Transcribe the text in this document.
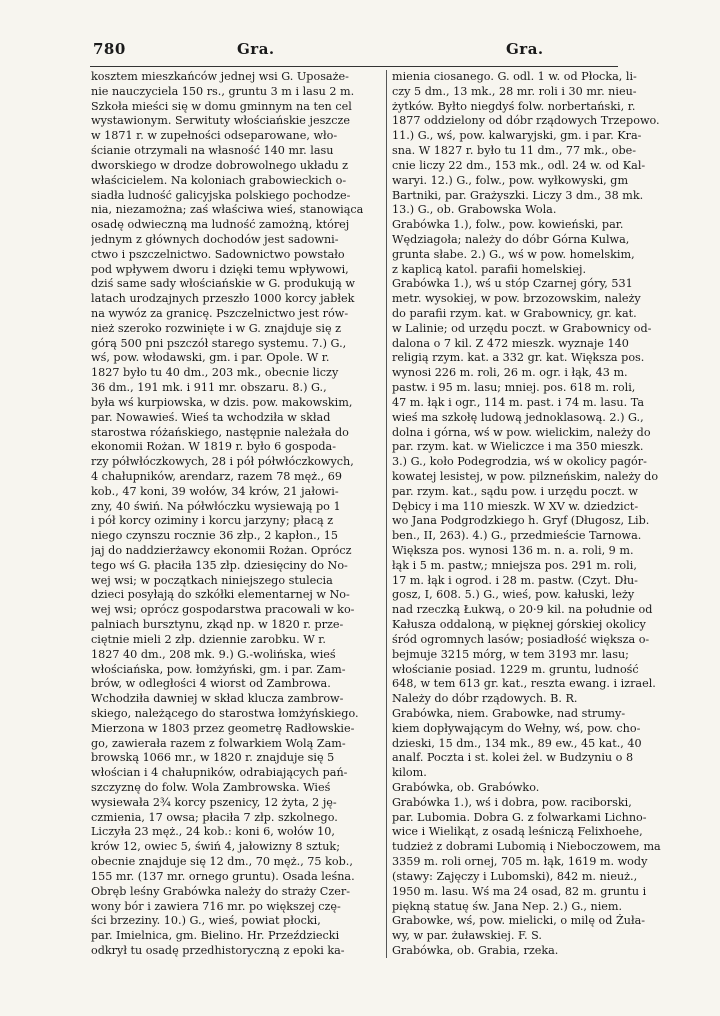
780	Gra.	Gra.
kosztem mieszkańców jednej wsi G. Uposaże-
nie nauczyciela 150 rs., gruntu 3 m i lasu 2 m.
Szkoła mieści się w domu gminnym na ten cel
wystawionym. Serwituty włościańskie jeszcze
w 1871 r. w zupełności odseparowane, wło-
ścianie otrzymali na własność 140 mr. lasu
dworskiego w drodze dobrowolnego układu z
właścicielem. Na koloniach grabowieckich o-
siadła ludność galicyjska polskiego pochodze-
nia, niezamożna; zaś właściwa wieś, stanowiąca
osadę odwieczną ma ludność zamożną, której
jednym z głównych dochodów jest sadowni-
ctwo i pszczelnictwo. Sadownictwo powstało
pod wpływem dworu i dzięki temu wpływowi,
dziś same sady włościańskie w G. produkują w
latach urodzajnych przeszło 1000 korcy jabłek
na wywóz za granicę. Pszczelnictwo jest rów-
nież szeroko rozwinięte i w G. znajduje się z
górą 500 pni pszczół starego systemu. 7.) G.,
wś, pow. włodawski, gm. i par. Opole. W r.
1827 było tu 40 dm., 203 mk., obecnie liczy
36 dm., 191 mk. i 911 mr. obszaru. 8.) G.,
była wś kurpiowska, w dzis. pow. makowskim,
par. Nowawieś. Wieś ta wchodziła w skład
starostwa różańskiego, następnie należała do
ekonomii Rożan. W 1819 r. było 6 gospoda-
rzy półwłóczkowych, 28 i pół półwłóczkowych,
4 chałupników, arendarz, razem 78 męż., 69
kob., 47 koni, 39 wołów, 34 krów, 21 jałowi-
zny, 40 świń. Na półwłóczku wysiewają po 1
i pół korcy oziminy i korcu jarzyny; płacą z
niego czynszu rocznie 36 złp., 2 kapłon., 15
jaj do naddzierżawcy ekonomii Rożan. Oprócz
tego wś G. płaciła 135 złp. dziesięciny do No-
wej wsi; w początkach niniejszego stulecia
dzieci posyłają do szkółki elementarnej w No-
wej wsi; oprócz gospodarstwa pracowali w ko-
palniach bursztynu, zkąd np. w 1820 r. prze-
ciętnie mieli 2 złp. dziennie zarobku. W r.
1827 40 dm., 208 mk. 9.) G.-wolińska, wieś
włościańska, pow. łomżyński, gm. i par. Zam-
brów, w odległości 4 wiorst od Zambrowa.
Wchodziła dawniej w skład klucza zambrow-
skiego, należącego do starostwa łomżyńskiego.
Mierzona w 1803 przez geometrę Radłowskie-
go, zawierała razem z folwarkiem Wolą Zam-
browską 1066 mr., w 1820 r. znajduje się 5
włościan i 4 chałupników, odrabiających pań-
szczyznę do folw. Wola Zambrowska. Wieś
wysiewała 2¾ korcy pszenicy, 12 żyta, 2 ję-
czmienia, 17 owsa; płaciła 7 złp. szkolnego.
Liczyła 23 męż., 24 kob.: koni 6, wołów 10,
krów 12, owiec 5, świń 4, jałowizny 8 sztuk;
obecnie znajduje się 12 dm., 70 męż., 75 kob.,
155 mr. (137 mr. ornego gruntu). Osada leśna.
Obręb leśny Grabówka należy do straży Czer-
wony bór i zawiera 716 mr. po większej czę-
ści brzeziny. 10.) G., wieś, powiat płocki,
par. Imielnica, gm. Bielino. Hr. Przeździecki
odkrył tu osadę przedhistoryczną z epoki ka-
mienia ciosanego. G. odl. 1 w. od Płocka, li-
czy 5 dm., 13 mk., 28 mr. roli i 30 mr. nieu-
żytków. Byłto niegdyś folw. norbertański, r.
1877 oddzielony od dóbr rządowych Trzepowo.
11.) G., wś, pow. kalwaryjski, gm. i par. Kra-
sna. W 1827 r. było tu 11 dm., 77 mk., obe-
cnie liczy 22 dm., 153 mk., odl. 24 w. od Kal-
waryi. 12.) G., folw., pow. wyłkowyski, gm
Bartniki, par. Grażyszki. Liczy 3 dm., 38 mk.
13.) G., ob. Grabowska Wola.
Grabówka 1.), folw., pow. kowieński, par.
Wędziagoła; należy do dóbr Górna Kulwa,
grunta słabe. 2.) G., wś w pow. homelskim,
z kaplicą katol. parafii homelskiej.
Grabówka 1.), wś u stóp Czarnej góry, 531
metr. wysokiej, w pow. brzozowskim, należy
do parafii rzym. kat. w Grabownicy, gr. kat.
w Lalinie; od urzędu poczt. w Grabownicy od-
dalona o 7 kil. Z 472 mieszk. wyznaje 140
religią rzym. kat. a 332 gr. kat. Większa pos.
wynosi 226 m. roli, 26 m. ogr. i łąk, 43 m.
pastw. i 95 m. lasu; mniej. pos. 618 m. roli,
47 m. łąk i ogr., 114 m. past. i 74 m. lasu. Ta
wieś ma szkołę ludową jednoklasową. 2.) G.,
dolna i górna, wś w pow. wielickim, należy do
par. rzym. kat. w Wieliczce i ma 350 mieszk.
3.) G., koło Podegrodzia, wś w okolicy pagór-
kowatej lesistej, w pow. pilzneńskim, należy do
par. rzym. kat., sądu pow. i urzędu poczt. w
Dębicy i ma 110 mieszk. W XV w. dziedzict-
wo Jana Podgrodzkiego h. Gryf (Długosz, Lib.
ben., II, 263). 4.) G., przedmieście Tarnowa.
Większa pos. wynosi 136 m. n. a. roli, 9 m.
łąk i 5 m. pastw,; mniejsza pos. 291 m. roli,
17 m. łąk i ogrod. i 28 m. pastw. (Czyt. Dłu-
gosz, I, 608. 5.) G., wieś, pow. kałuski, leży
nad rzeczką Łukwą, o 20·9 kil. na południe od
Kałusza oddaloną, w pięknej górskiej okolicy
śród ogromnych lasów; posiadłość większa o-
bejmuje 3215 mórg, w tem 3193 mr. lasu;
włościanie posiad. 1229 m. gruntu, ludność
648, w tem 613 gr. kat., reszta ewang. i izrael.
Należy do dóbr rządowych. B. R.
Grabówka, niem. Grabowke, nad strumy-
kiem dopływającym do Wełny, wś, pow. cho-
dzieski, 15 dm., 134 mk., 89 ew., 45 kat., 40
analf. Poczta i st. kolei żel. w Budzyniu o 8
kilom.
Grabówka, ob. Grabówko.
Grabówka 1.), wś i dobra, pow. raciborski,
par. Lubomia. Dobra G. z folwarkami Lichno-
wice i Wielikąt, z osadą leśniczą Felixhoehe,
tudzież z dobrami Lubomią i Nieboczowem, ma
3359 m. roli ornej, 705 m. łąk, 1619 m. wody
(stawy: Zajęczy i Lubomski), 842 m. nieuż.,
1950 m. lasu. Wś ma 24 osad, 82 m. gruntu i
piękną statuę św. Jana Nep. 2.) G., niem.
Grabowke, wś, pow. mielicki, o milę od Żuła-
wy, w par. żuławskiej. F. S.
Grabówka, ob. Grabia, rzeka.
